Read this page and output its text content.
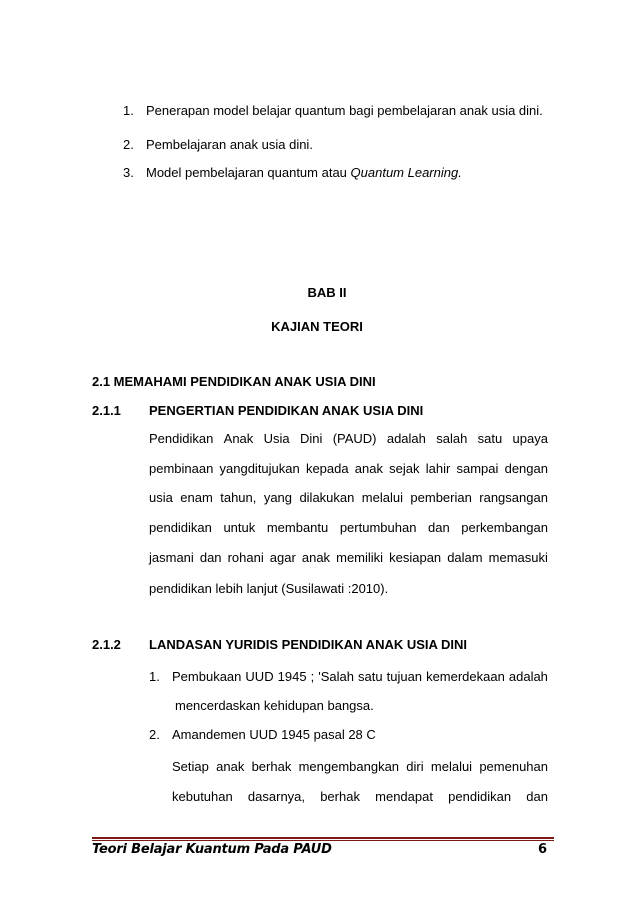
1. Penerapan model belajar quantum bagi pembelajaran anak usia dini.
2. Pembelajaran anak usia dini.
3. Model pembelajaran quantum atau Quantum Learning.
BAB II
KAJIAN TEORI
2.1 MEMAHAMI PENDIDIKAN ANAK USIA DINI
2.1.1 PENGERTIAN PENDIDIKAN ANAK USIA DINI
Pendidikan Anak Usia Dini (PAUD) adalah salah satu upaya
pembinaan yangditujukan kepada anak sejak lahir sampai dengan
usia enam tahun, yang dilakukan melalui pemberian rangsangan
pendidikan untuk membantu pertumbuhan dan perkembangan
jasmani dan rohani agar anak memiliki kesiapan dalam memasuki
pendidikan lebih lanjut (Susilawati :2010).
2.1.2 LANDASAN YURIDIS PENDIDIKAN ANAK USIA DINI
1. Pembukaan UUD 1945 ; 'Salah satu tujuan kemerdekaan adalah
mencerdaskan kehidupan bangsa.
2. Amandemen UUD 1945 pasal 28 C
Setiap anak berhak mengembangkan diri melalui pemenuhan
kebutuhan dasarnya, berhak mendapat pendidikan dan
Teori Belajar Kuantum Pada PAUD	6
